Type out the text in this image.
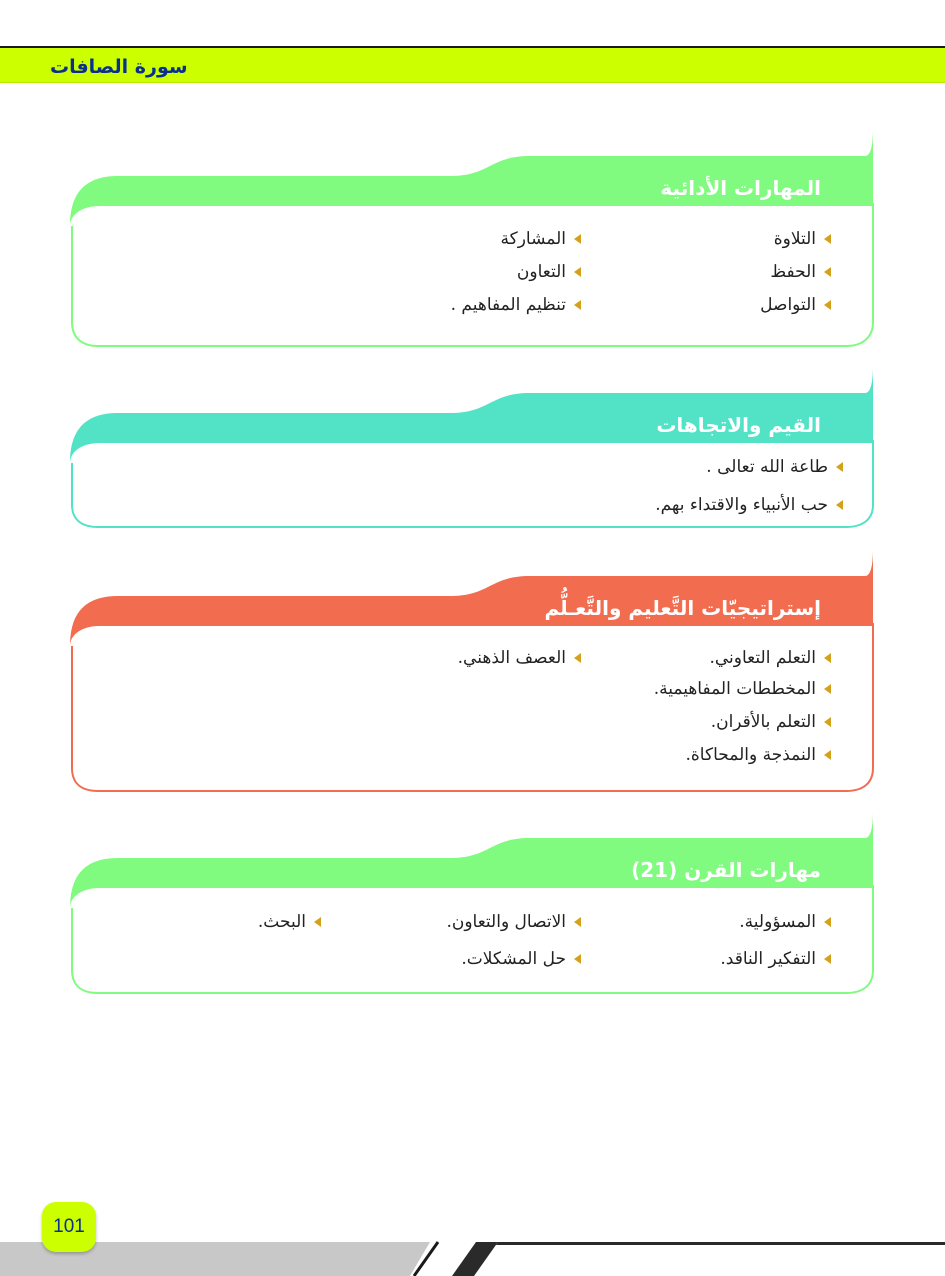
سورة الصافات
المهارات الأدائية
التلاوة
المشاركة
الحفظ
التعاون
التواصل
تنظيم المفاهيم .
القيم والاتجاهات
طاعة الله تعالى .
حب الأنبياء والاقتداء بهم.
إستراتيجيّات التَّعليم والتَّعـلُّم
التعلم التعاوني.
العصف الذهني.
المخططات المفاهيمية.
التعلم بالأقران.
النمذجة والمحاكاة.
مهارات القرن (21)
المسؤولية.
الاتصال والتعاون.
البحث.
التفكير الناقد.
حل المشكلات.
101
